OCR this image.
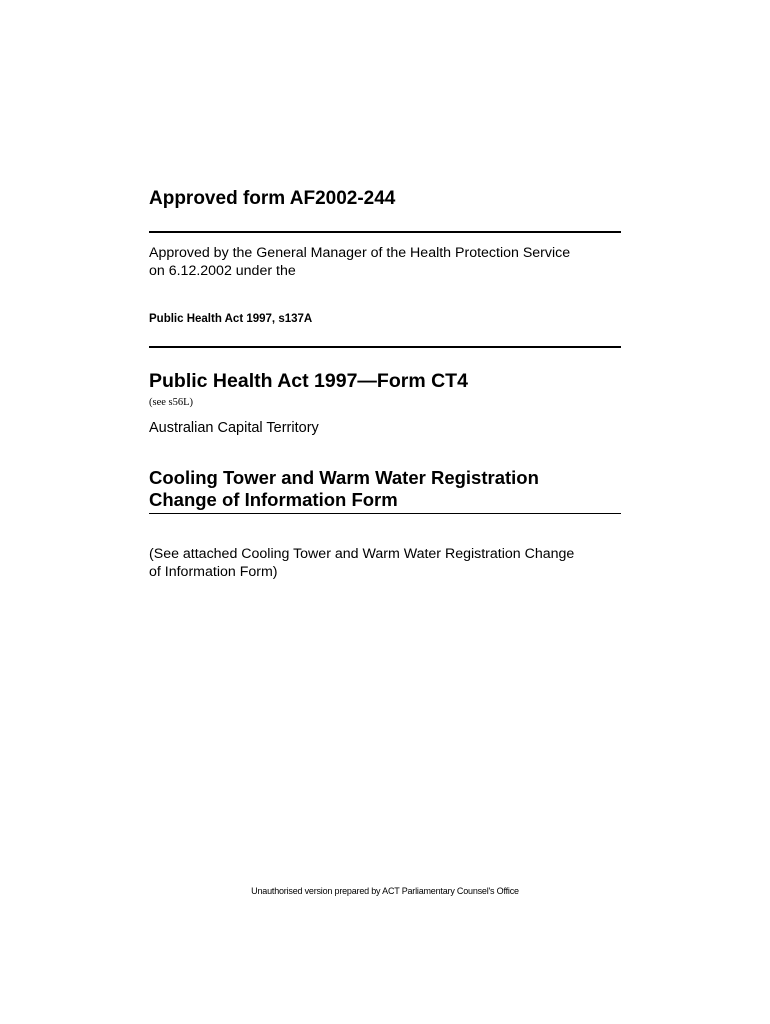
Approved form AF2002-244
Approved by the General Manager of the Health Protection Service
on 6.12.2002 under the
Public Health Act 1997, s137A
Public Health Act 1997—Form CT4
(see s56L)
Australian Capital Territory
Cooling Tower and Warm Water Registration
Change of Information Form
(See attached Cooling Tower and Warm Water Registration Change
of Information Form)
Unauthorised version prepared by ACT Parliamentary Counsel's Office
